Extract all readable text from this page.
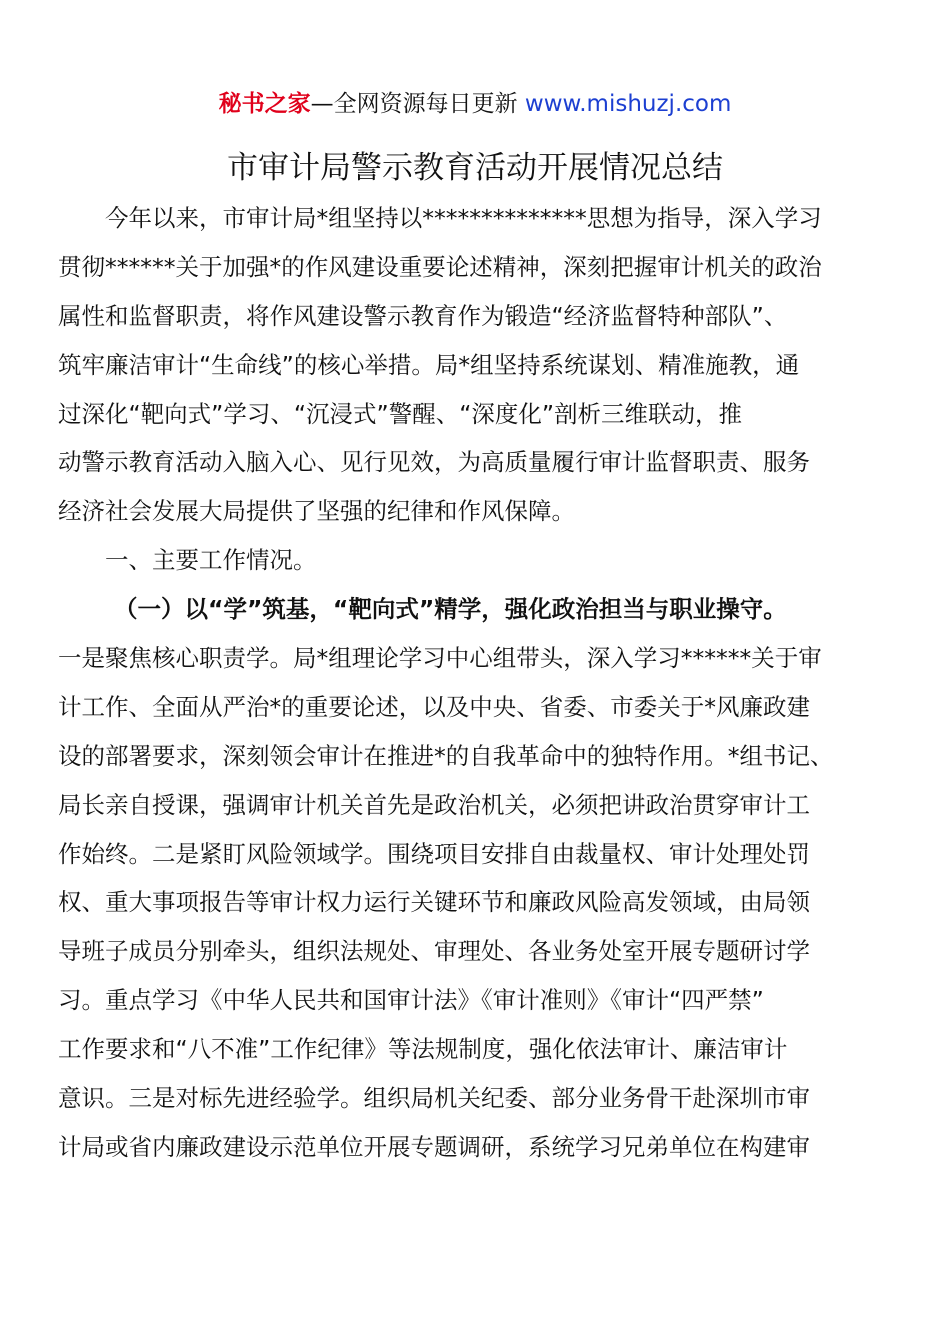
秘书之家—全网资源每日更新 www.mishuzj.com
市审计局警示教育活动开展情况总结
今年以来，市审计局*组坚持以**************思想为指导，深入学习
贯彻******关于加强*的作风建设重要论述精神，深刻把握审计机关的政治
属性和监督职责，将作风建设警示教育作为锻造“经济监督特种部队”、
筑牢廉洁审计“生命线”的核心举措。局*组坚持系统谋划、精准施教，通
过深化“靶向式”学习、“沉浸式”警醒、“深度化”剖析三维联动，推
动警示教育活动入脑入心、见行见效，为高质量履行审计监督职责、服务
经济社会发展大局提供了坚强的纪律和作风保障。
一、主要工作情况。
（一）以“学”筑基，“靶向式”精学，强化政治担当与职业操守。
一是聚焦核心职责学。局*组理论学习中心组带头，深入学习******关于审
计工作、全面从严治*的重要论述，以及中央、省委、市委关于*风廉政建
设的部署要求，深刻领会审计在推进*的自我革命中的独特作用。*组书记、
局长亲自授课，强调审计机关首先是政治机关，必须把讲政治贯穿审计工
作始终。二是紧盯风险领域学。围绕项目安排自由裁量权、审计处理处罚
权、重大事项报告等审计权力运行关键环节和廉政风险高发领域，由局领
导班子成员分别牵头，组织法规处、审理处、各业务处室开展专题研讨学
习。重点学习《中华人民共和国审计法》《审计准则》《审计“四严禁”
工作要求和“八不准”工作纪律》等法规制度，强化依法审计、廉洁审计
意识。三是对标先进经验学。组织局机关纪委、部分业务骨干赴深圳市审
计局或省内廉政建设示范单位开展专题调研，系统学习兄弟单位在构建审
